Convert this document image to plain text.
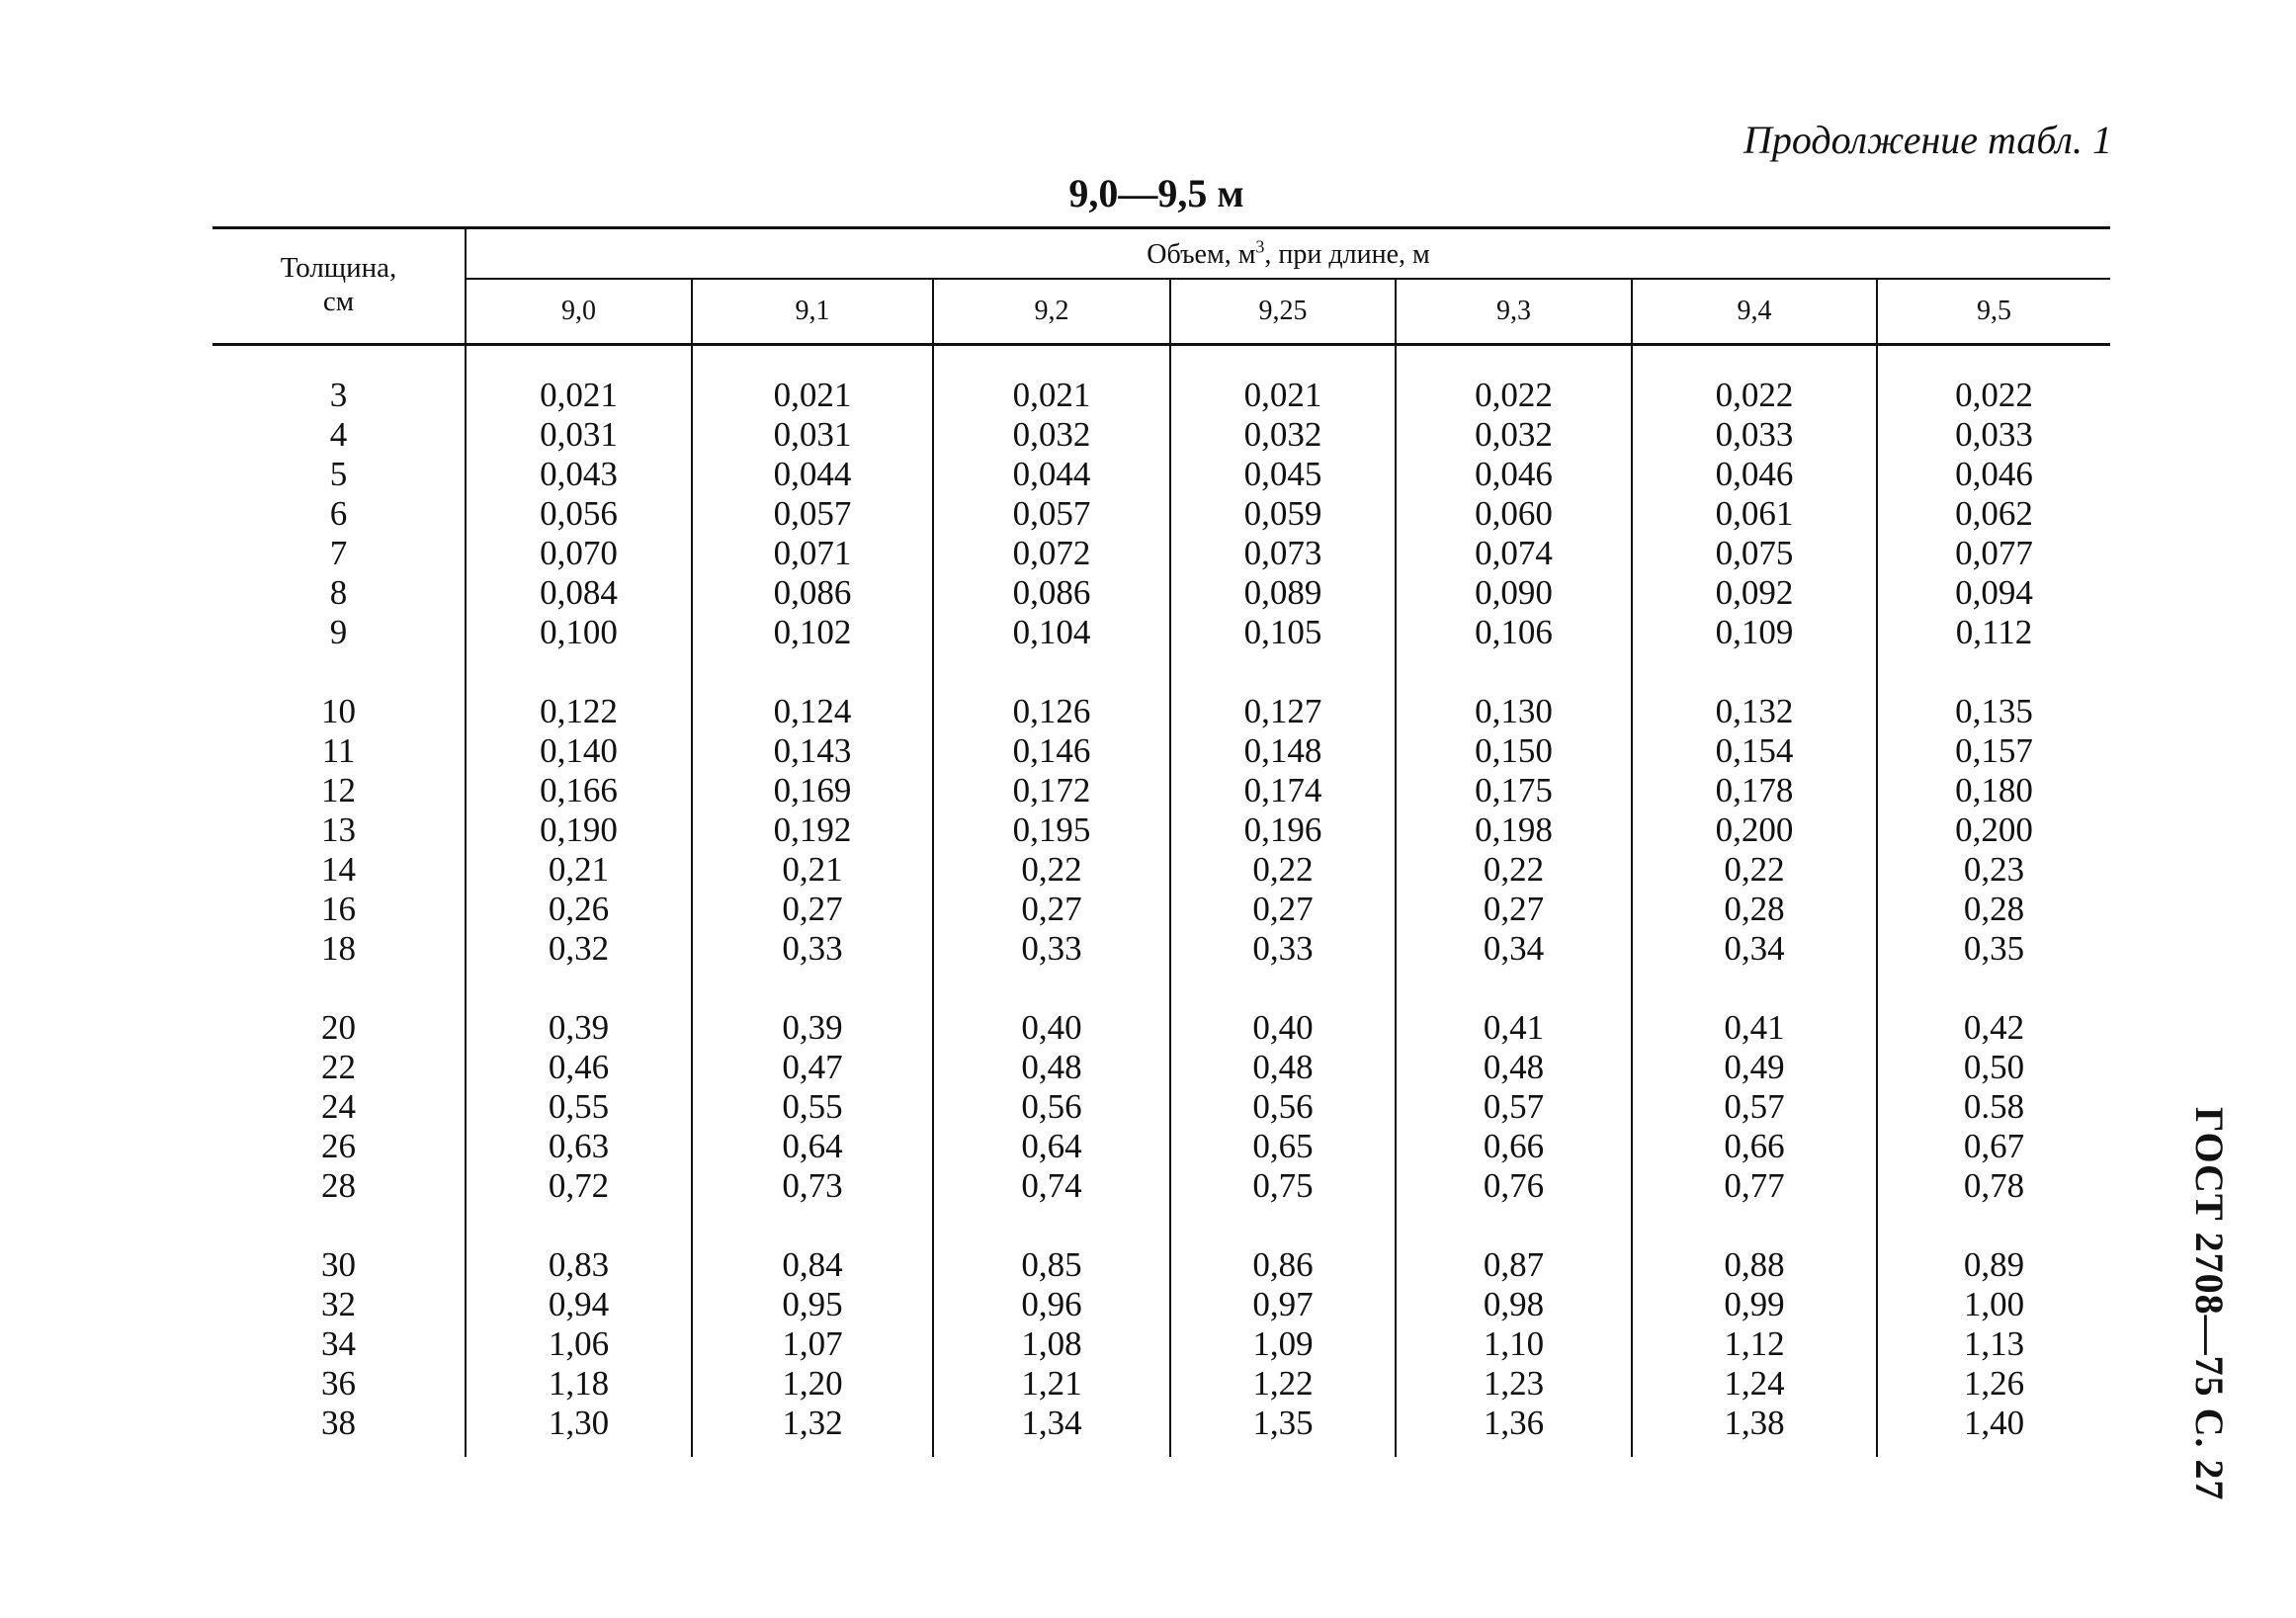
Продолжение табл. 1
9,0—9,5 м
ГОСТ 2708—75 С. 27
Толщина,
см	Объем, $м^3$, при длине, м						
	9,0	9,1	9,2	9,25	9,3	9,4	9,5

3	0,021	0,021	0,021	0,021	0,022	0,022	0,022
4	0,031	0,031	0,032	0,032	0,032	0,033	0,033
5	0,043	0,044	0,044	0,045	0,046	0,046	0,046
6	0,056	0,057	0,057	0,059	0,060	0,061	0,062
7	0,070	0,071	0,072	0,073	0,074	0,075	0,077
8	0,084	0,086	0,086	0,089	0,090	0,092	0,094
9	0,100	0,102	0,104	0,105	0,106	0,109	0,112

10	0,122	0,124	0,126	0,127	0,130	0,132	0,135
11	0,140	0,143	0,146	0,148	0,150	0,154	0,157
12	0,166	0,169	0,172	0,174	0,175	0,178	0,180
13	0,190	0,192	0,195	0,196	0,198	0,200	0,200
14	0,21	0,21	0,22	0,22	0,22	0,22	0,23
16	0,26	0,27	0,27	0,27	0,27	0,28	0,28
18	0,32	0,33	0,33	0,33	0,34	0,34	0,35

20	0,39	0,39	0,40	0,40	0,41	0,41	0,42
22	0,46	0,47	0,48	0,48	0,48	0,49	0,50
24	0,55	0,55	0,56	0,56	0,57	0,57	0.58
26	0,63	0,64	0,64	0,65	0,66	0,66	0,67
28	0,72	0,73	0,74	0,75	0,76	0,77	0,78

30	0,83	0,84	0,85	0,86	0,87	0,88	0,89
32	0,94	0,95	0,96	0,97	0,98	0,99	1,00
34	1,06	1,07	1,08	1,09	1,10	1,12	1,13
36	1,18	1,20	1,21	1,22	1,23	1,24	1,26
38	1,30	1,32	1,34	1,35	1,36	1,38	1,40
